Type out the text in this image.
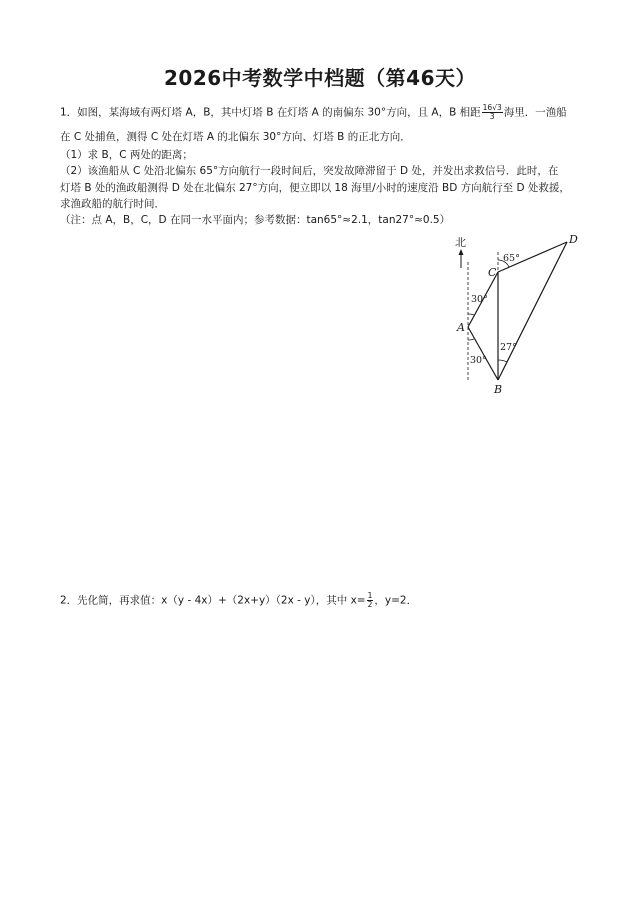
2026中考数学中档题（第46天）
1．如图，某海域有两灯塔 A，B，其中灯塔 B 在灯塔 A 的南偏东 30°方向，且 A，B 相距 $\frac{16√3}{3}$ 海里．一渔船
在 C 处捕鱼，测得 C 处在灯塔 A 的北偏东 30°方向、灯塔 B 的正北方向．
（1）求 B，C 两处的距离；
（2）该渔船从 C 处沿北偏东 65°方向航行一段时间后，突发故障滞留于 D 处，并发出求救信号．此时，在
灯塔 B 处的渔政船测得 D 处在北偏东 27°方向，便立即以 18 海里/小时的速度沿 BD 方向航行至 D 处救援，
求渔政船的航行时间．
（注：点 A，B，C，D 在同一水平面内；参考数据：tan65°≈2.1，tan27°≈0.5）
北
65°
30°
30°
27°
A
B
C
D
2．先化简，再求值：x（y - 4x）+（2x+y）（2x - y），其中 $x= \frac{1}{2}$ ，y=2．
